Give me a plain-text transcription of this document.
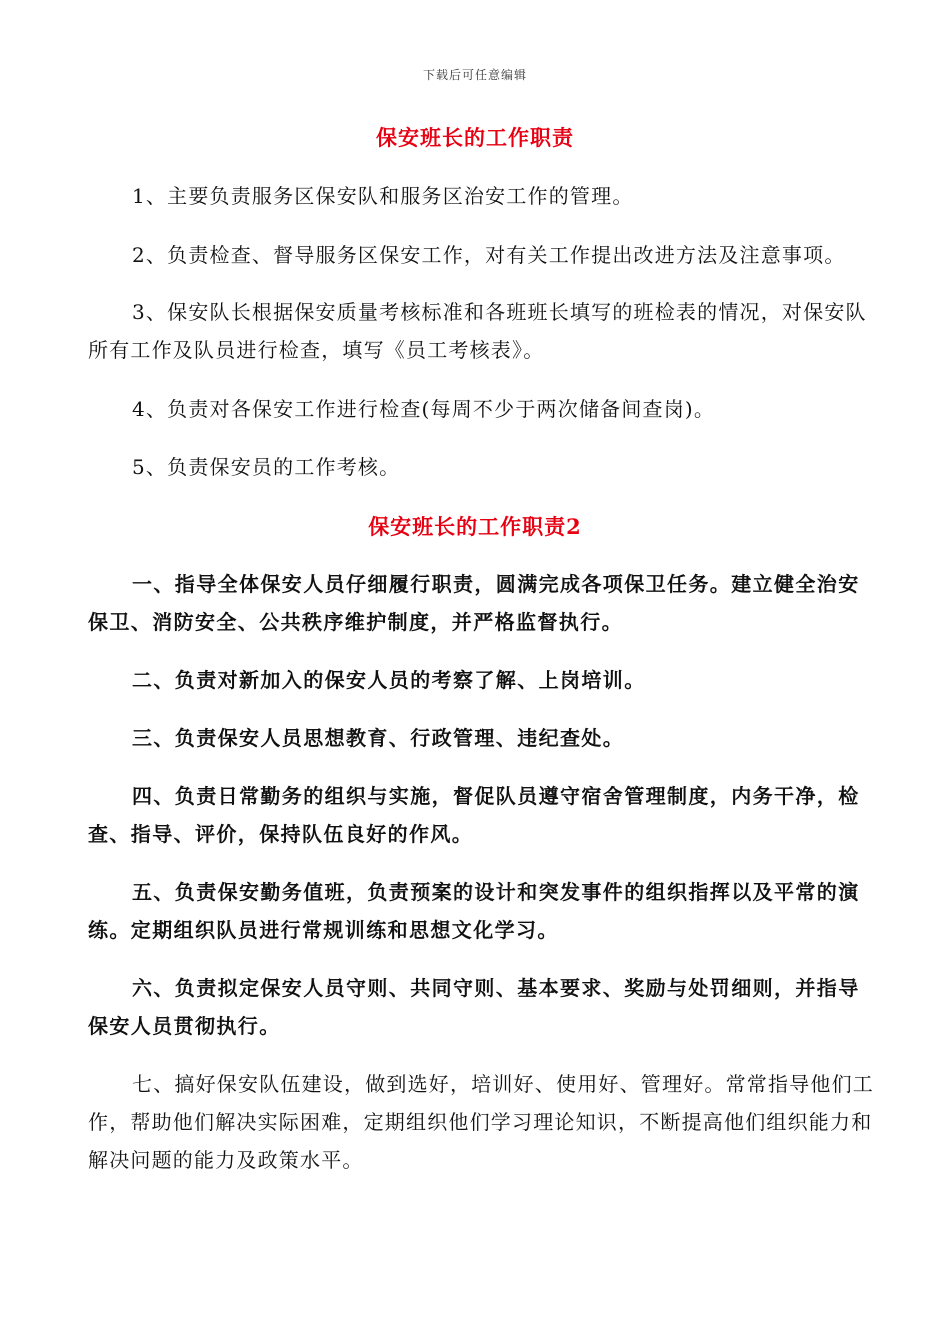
下载后可任意编辑
保安班长的工作职责
1、主要负责服务区保安队和服务区治安工作的管理。
2、负责检查、督导服务区保安工作，对有关工作提出改进方法及注意事项。
3、保安队长根据保安质量考核标准和各班班长填写的班检表的情况，对保安队所有工作及队员进行检查，填写《员工考核表》。
4、负责对各保安工作进行检查(每周不少于两次储备间查岗)。
5、负责保安员的工作考核。
保安班长的工作职责2
一、指导全体保安人员仔细履行职责，圆满完成各项保卫任务。建立健全治安保卫、消防安全、公共秩序维护制度，并严格监督执行。
二、负责对新加入的保安人员的考察了解、上岗培训。
三、负责保安人员思想教育、行政管理、违纪查处。
四、负责日常勤务的组织与实施，督促队员遵守宿舍管理制度，内务干净，检查、指导、评价，保持队伍良好的作风。
五、负责保安勤务值班，负责预案的设计和突发事件的组织指挥以及平常的演练。定期组织队员进行常规训练和思想文化学习。
六、负责拟定保安人员守则、共同守则、基本要求、奖励与处罚细则，并指导保安人员贯彻执行。
七、搞好保安队伍建设，做到选好，培训好、使用好、管理好。常常指导他们工作，帮助他们解决实际困难，定期组织他们学习理论知识，不断提高他们组织能力和解决问题的能力及政策水平。
